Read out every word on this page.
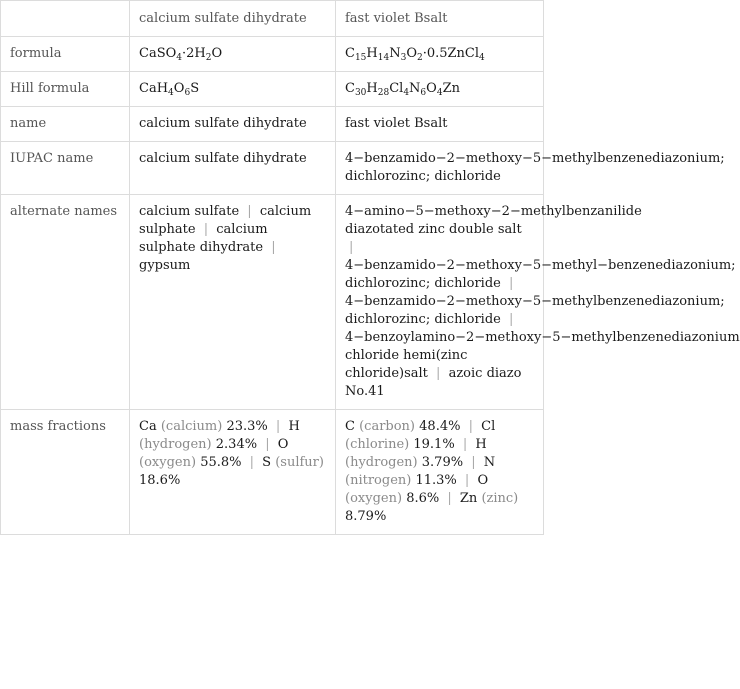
	calcium sulfate dihydrate	fast violet Bsalt
formula	$CaSO_4\cdot 2H_2O$	$C_{15}H_{14}N_3O_2\cdot 0.5ZnCl_4$
Hill formula	$CaH_4O_6S$	$C_{30}H_{28}Cl_4N_6O_4Zn$
name	calcium sulfate dihydrate	fast violet Bsalt
IUPAC name	calcium sulfate dihydrate	4−benzamido−2−methoxy−5−methylbenzenediazonium; dichlorozinc; dichloride
alternate names	calcium sulfate | calcium sulphate | calcium sulphate dihydrate | gypsum	4−amino−5−methoxy−2−methylbenzanilide diazotated zinc double salt | 4−benzamido−2−methoxy−5−methyl−benzenediazonium; dichlorozinc; dichloride | 4−benzamido−2−methoxy−5−methylbenzenediazonium; dichlorozinc; dichloride | 4−benzoylamino−2−methoxy−5−methylbenzenediazonium chloride hemi(zinc chloride)salt | azoic diazo No.41
mass fractions	Ca (calcium) 23.3% | H (hydrogen) 2.34% | O (oxygen) 55.8% | S (sulfur) 18.6%	C (carbon) 48.4% | Cl (chlorine) 19.1% | H (hydrogen) 3.79% | N (nitrogen) 11.3% | O (oxygen) 8.6% | Zn (zinc) 8.79%
